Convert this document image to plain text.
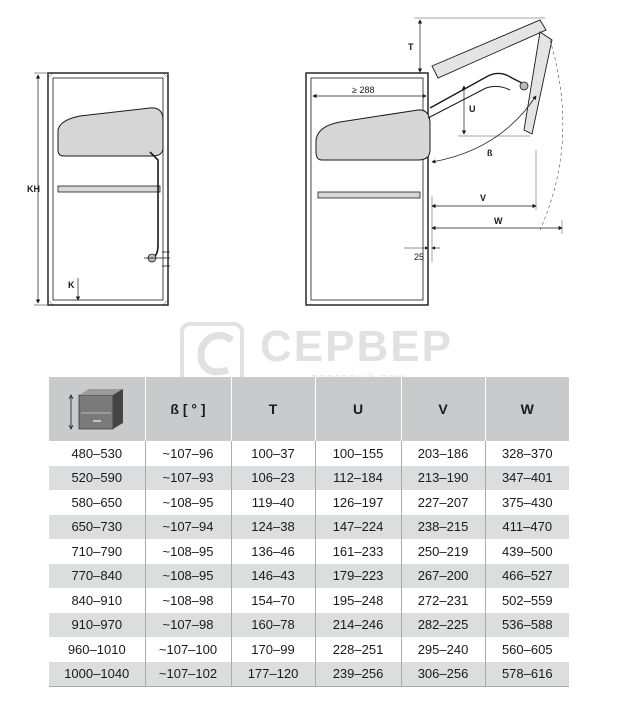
KH
K
≥ 288
ß
T
U
V
W
25
СЕРВЕР
	ß [ ° ]	T	U	V	W
480–530	~107–96	100–37	100–155	203–186	328–370
520–590	~107–93	106–23	112–184	213–190	347–401
580–650	~108–95	119–40	126–197	227–207	375–430
650–730	~107–94	124–38	147–224	238–215	411–470
710–790	~108–95	136–46	161–233	250–219	439–500
770–840	~108–95	146–43	179–223	267–200	466–527
840–910	~108–98	154–70	195–248	272–231	502–559
910–970	~107–98	160–78	214–246	282–225	536–588
960–1010	~107–100	170–99	228–251	295–240	560–605
1000–1040	~107–102	177–120	239–256	306–256	578–616
